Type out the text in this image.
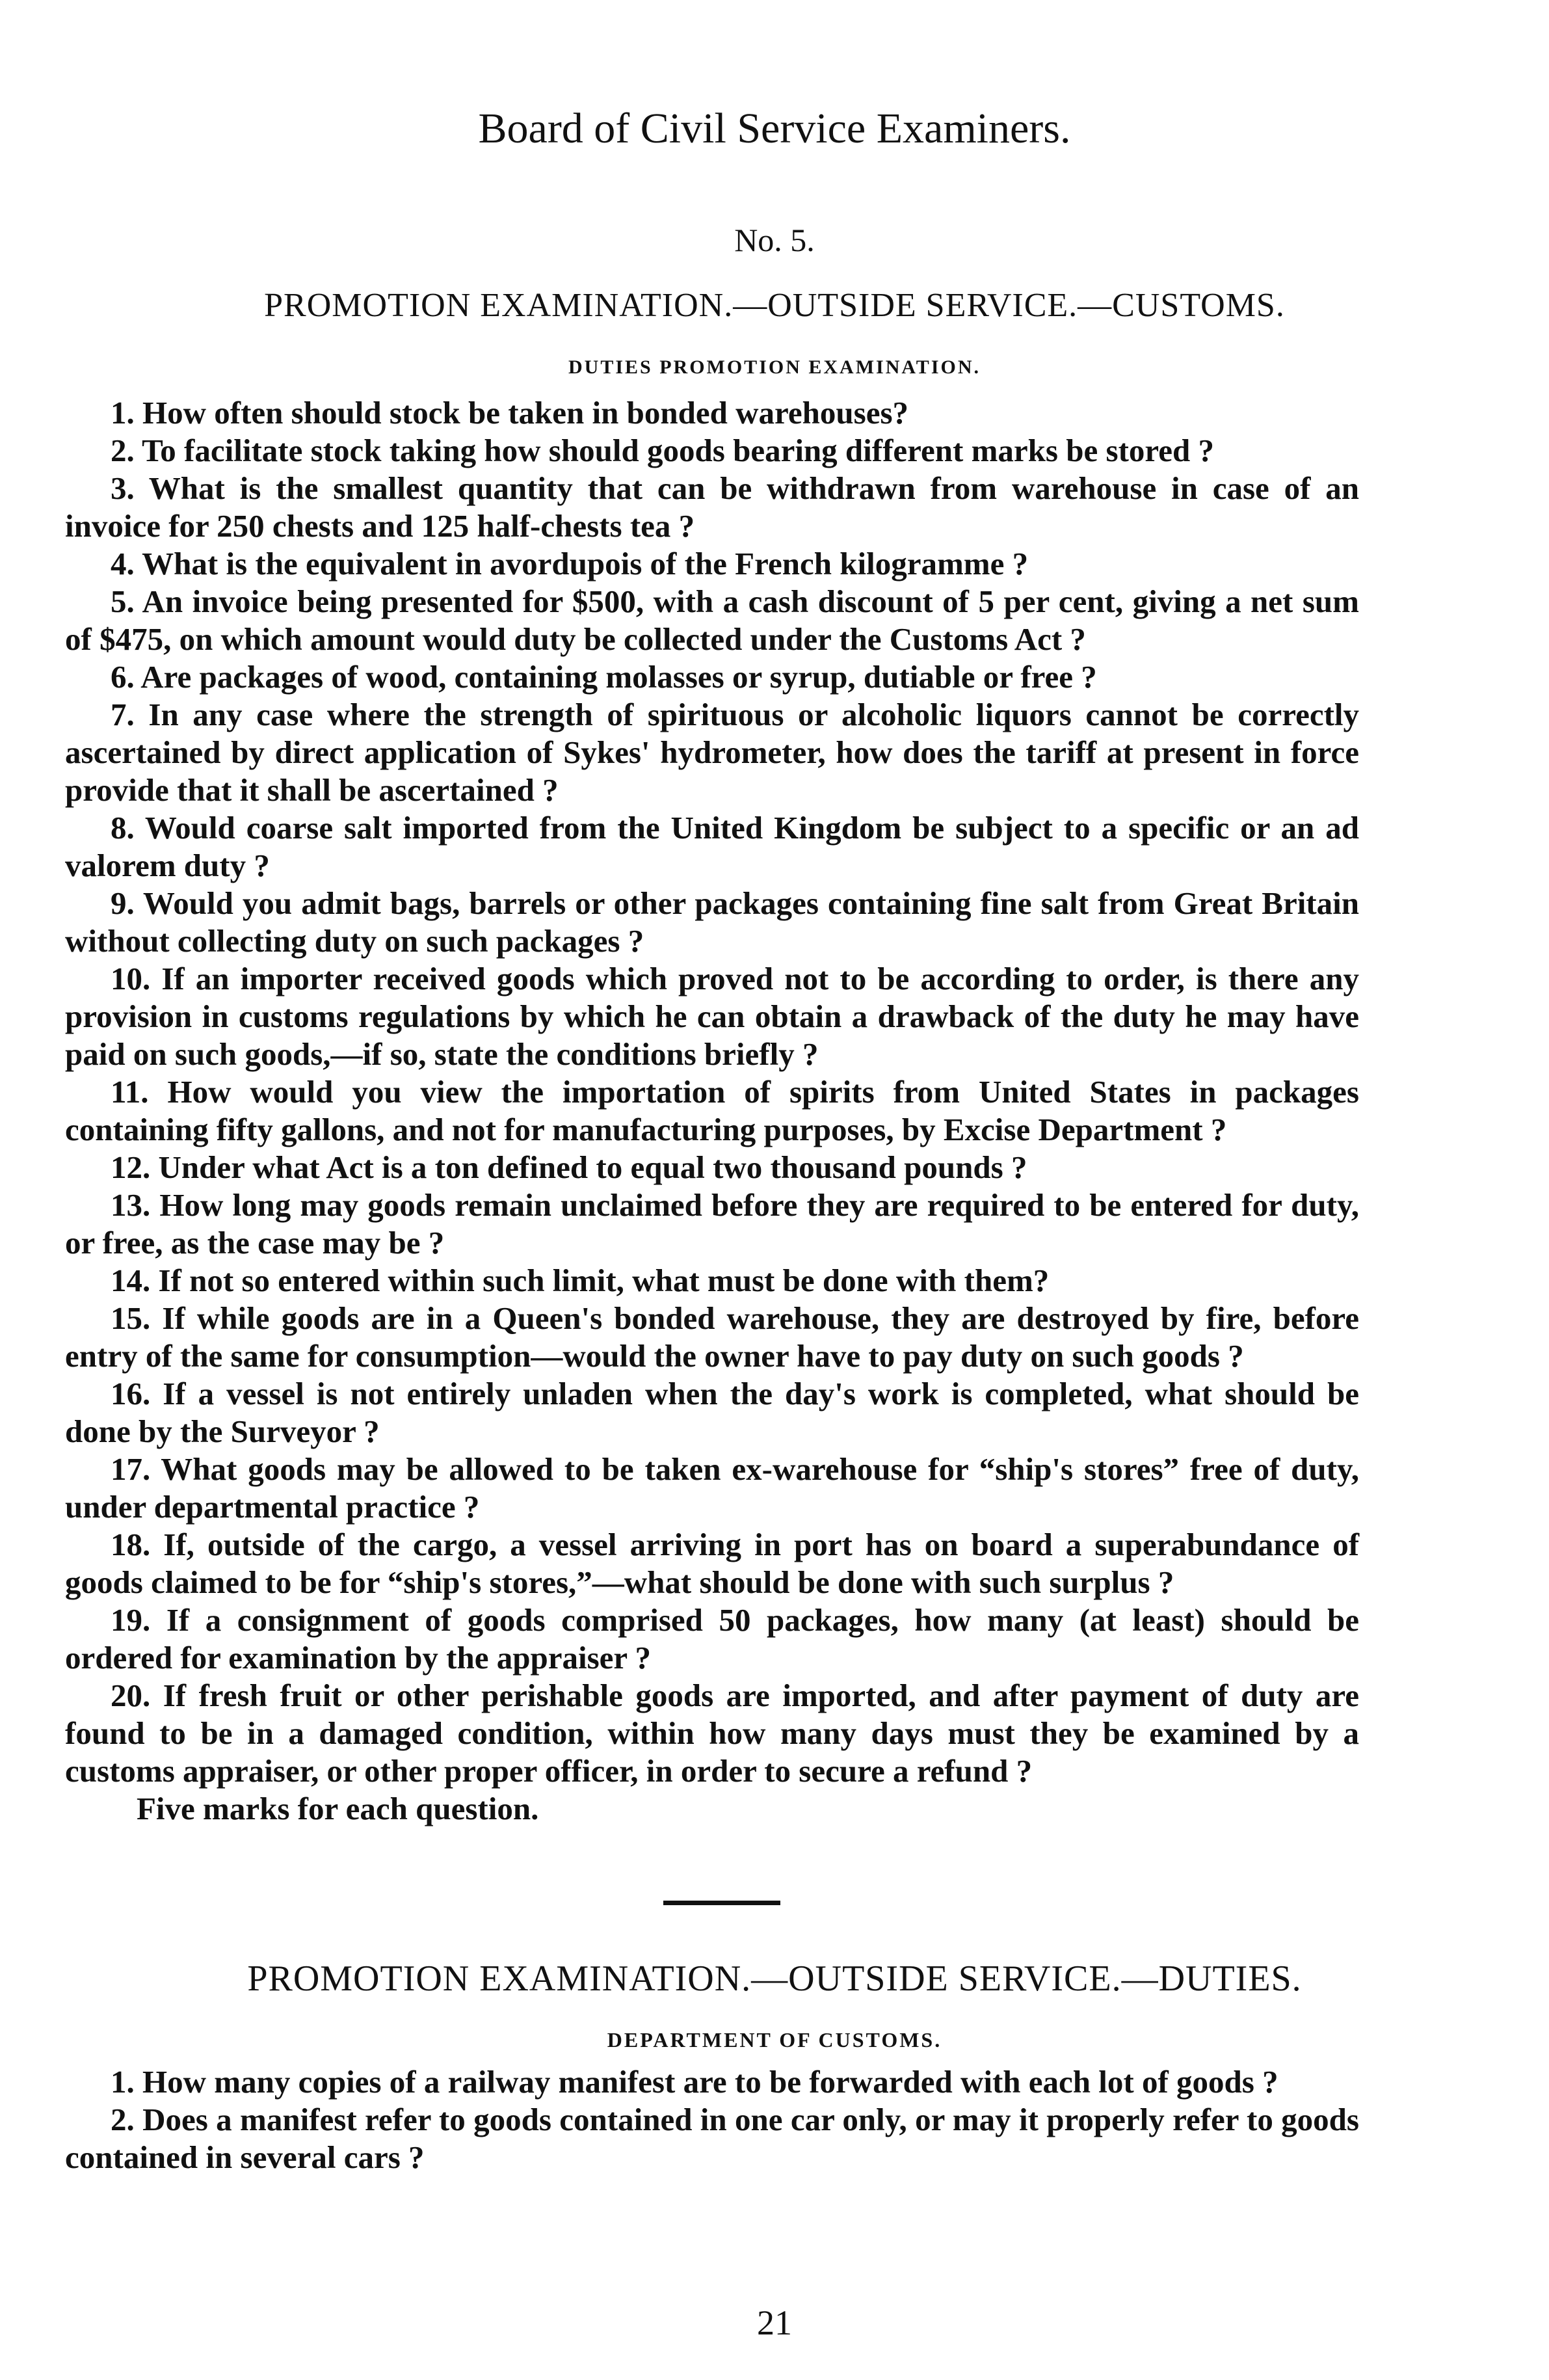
Board of Civil Service Examiners.
No. 5.
PROMOTION EXAMINATION.—OUTSIDE SERVICE.—CUSTOMS.
DUTIES PROMOTION EXAMINATION.
1. How often should stock be taken in bonded warehouses?
2. To facilitate stock taking how should goods bearing different marks be stored ?
3. What is the smallest quantity that can be withdrawn from warehouse in case of an invoice for 250 chests and 125 half-chests tea ?
4. What is the equivalent in avordupois of the French kilogramme ?
5. An invoice being presented for $500, with a cash discount of 5 per cent, giving a net sum of $475, on which amount would duty be collected under the Customs Act ?
6. Are packages of wood, containing molasses or syrup, dutiable or free ?
7. In any case where the strength of spirituous or alcoholic liquors cannot be correctly ascertained by direct application of Sykes' hydrometer, how does the tariff at present in force provide that it shall be ascertained ?
8. Would coarse salt imported from the United Kingdom be subject to a specific or an ad valorem duty ?
9. Would you admit bags, barrels or other packages containing fine salt from Great Britain without collecting duty on such packages ?
10. If an importer received goods which proved not to be according to order, is there any provision in customs regulations by which he can obtain a drawback of the duty he may have paid on such goods,—if so, state the conditions briefly ?
11. How would you view the importation of spirits from United States in packages containing fifty gallons, and not for manufacturing purposes, by Excise Department ?
12. Under what Act is a ton defined to equal two thousand pounds ?
13. How long may goods remain unclaimed before they are required to be entered for duty, or free, as the case may be ?
14. If not so entered within such limit, what must be done with them?
15. If while goods are in a Queen's bonded warehouse, they are destroyed by fire, before entry of the same for consumption—would the owner have to pay duty on such goods ?
16. If a vessel is not entirely unladen when the day's work is completed, what should be done by the Surveyor ?
17. What goods may be allowed to be taken ex-warehouse for “ship's stores” free of duty, under departmental practice ?
18. If, outside of the cargo, a vessel arriving in port has on board a superabundance of goods claimed to be for “ship's stores,”—what should be done with such surplus ?
19. If a consignment of goods comprised 50 packages, how many (at least) should be ordered for examination by the appraiser ?
20. If fresh fruit or other perishable goods are imported, and after payment of duty are found to be in a damaged condition, within how many days must they be examined by a customs appraiser, or other proper officer, in order to secure a refund ?
Five marks for each question.
PROMOTION EXAMINATION.—OUTSIDE SERVICE.—DUTIES.
DEPARTMENT OF CUSTOMS.
1. How many copies of a railway manifest are to be forwarded with each lot of goods ?
2. Does a manifest refer to goods contained in one car only, or may it properly refer to goods contained in several cars ?
21
